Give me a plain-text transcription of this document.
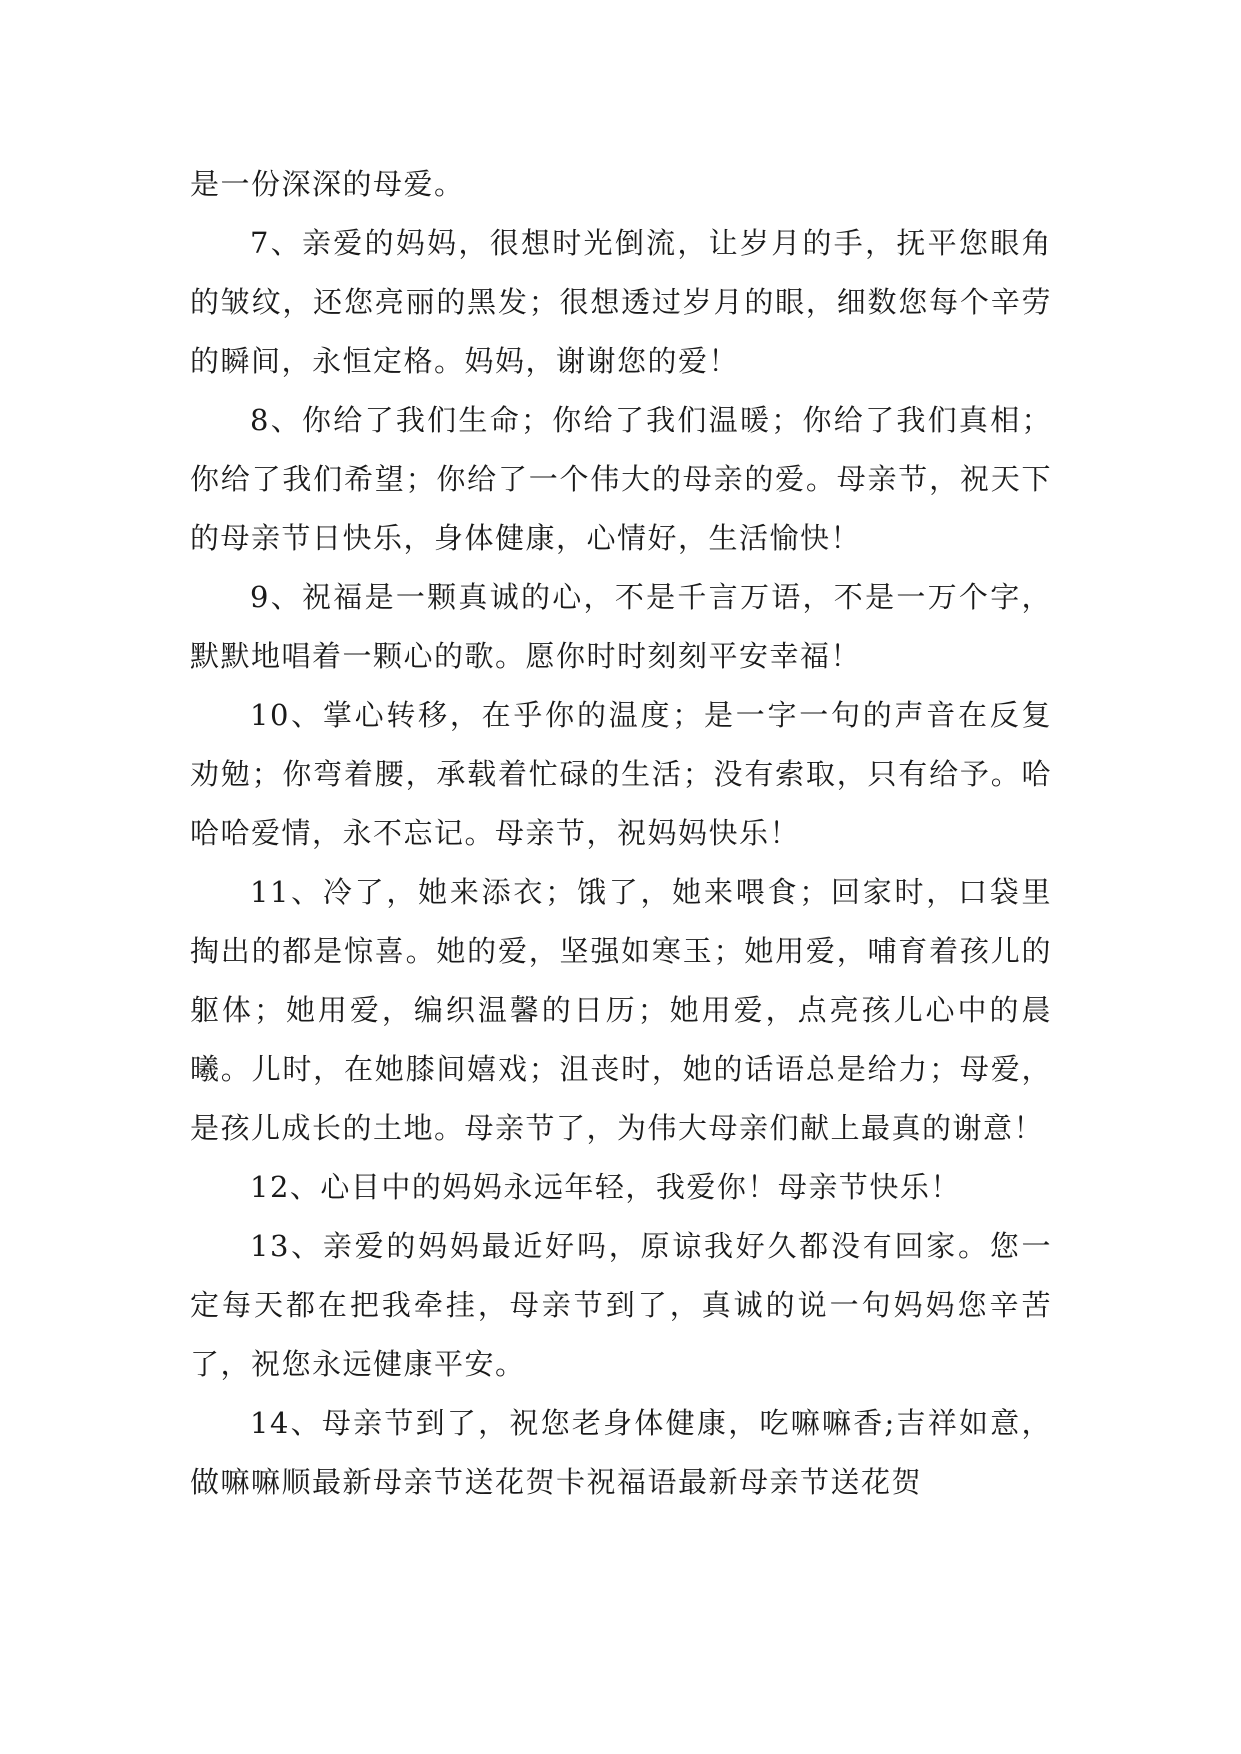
是一份深深的母爱。

7、亲爱的妈妈，很想时光倒流，让岁月的手，抚平您眼角的皱纹，还您亮丽的黑发；很想透过岁月的眼，细数您每个辛劳的瞬间，永恒定格。妈妈，谢谢您的爱！

8、你给了我们生命；你给了我们温暖；你给了我们真相；你给了我们希望；你给了一个伟大的母亲的爱。母亲节，祝天下的母亲节日快乐，身体健康，心情好，生活愉快！

9、祝福是一颗真诚的心，不是千言万语，不是一万个字，默默地唱着一颗心的歌。愿你时时刻刻平安幸福！

10、掌心转移，在乎你的温度；是一字一句的声音在反复劝勉；你弯着腰，承载着忙碌的生活；没有索取，只有给予。哈哈哈爱情，永不忘记。母亲节，祝妈妈快乐！

11、冷了，她来添衣；饿了，她来喂食；回家时，口袋里掏出的都是惊喜。她的爱，坚强如寒玉；她用爱，哺育着孩儿的躯体；她用爱，编织温馨的日历；她用爱，点亮孩儿心中的晨曦。儿时，在她膝间嬉戏；沮丧时，她的话语总是给力；母爱，是孩儿成长的土地。母亲节了，为伟大母亲们献上最真的谢意！

12、心目中的妈妈永远年轻，我爱你！母亲节快乐！

13、亲爱的妈妈最近好吗，原谅我好久都没有回家。您一定每天都在把我牵挂，母亲节到了，真诚的说一句妈妈您辛苦了，祝您永远健康平安。

14、母亲节到了，祝您老身体健康，吃嘛嘛香;吉祥如意，做嘛嘛顺最新母亲节送花贺卡祝福语最新母亲节送花贺
